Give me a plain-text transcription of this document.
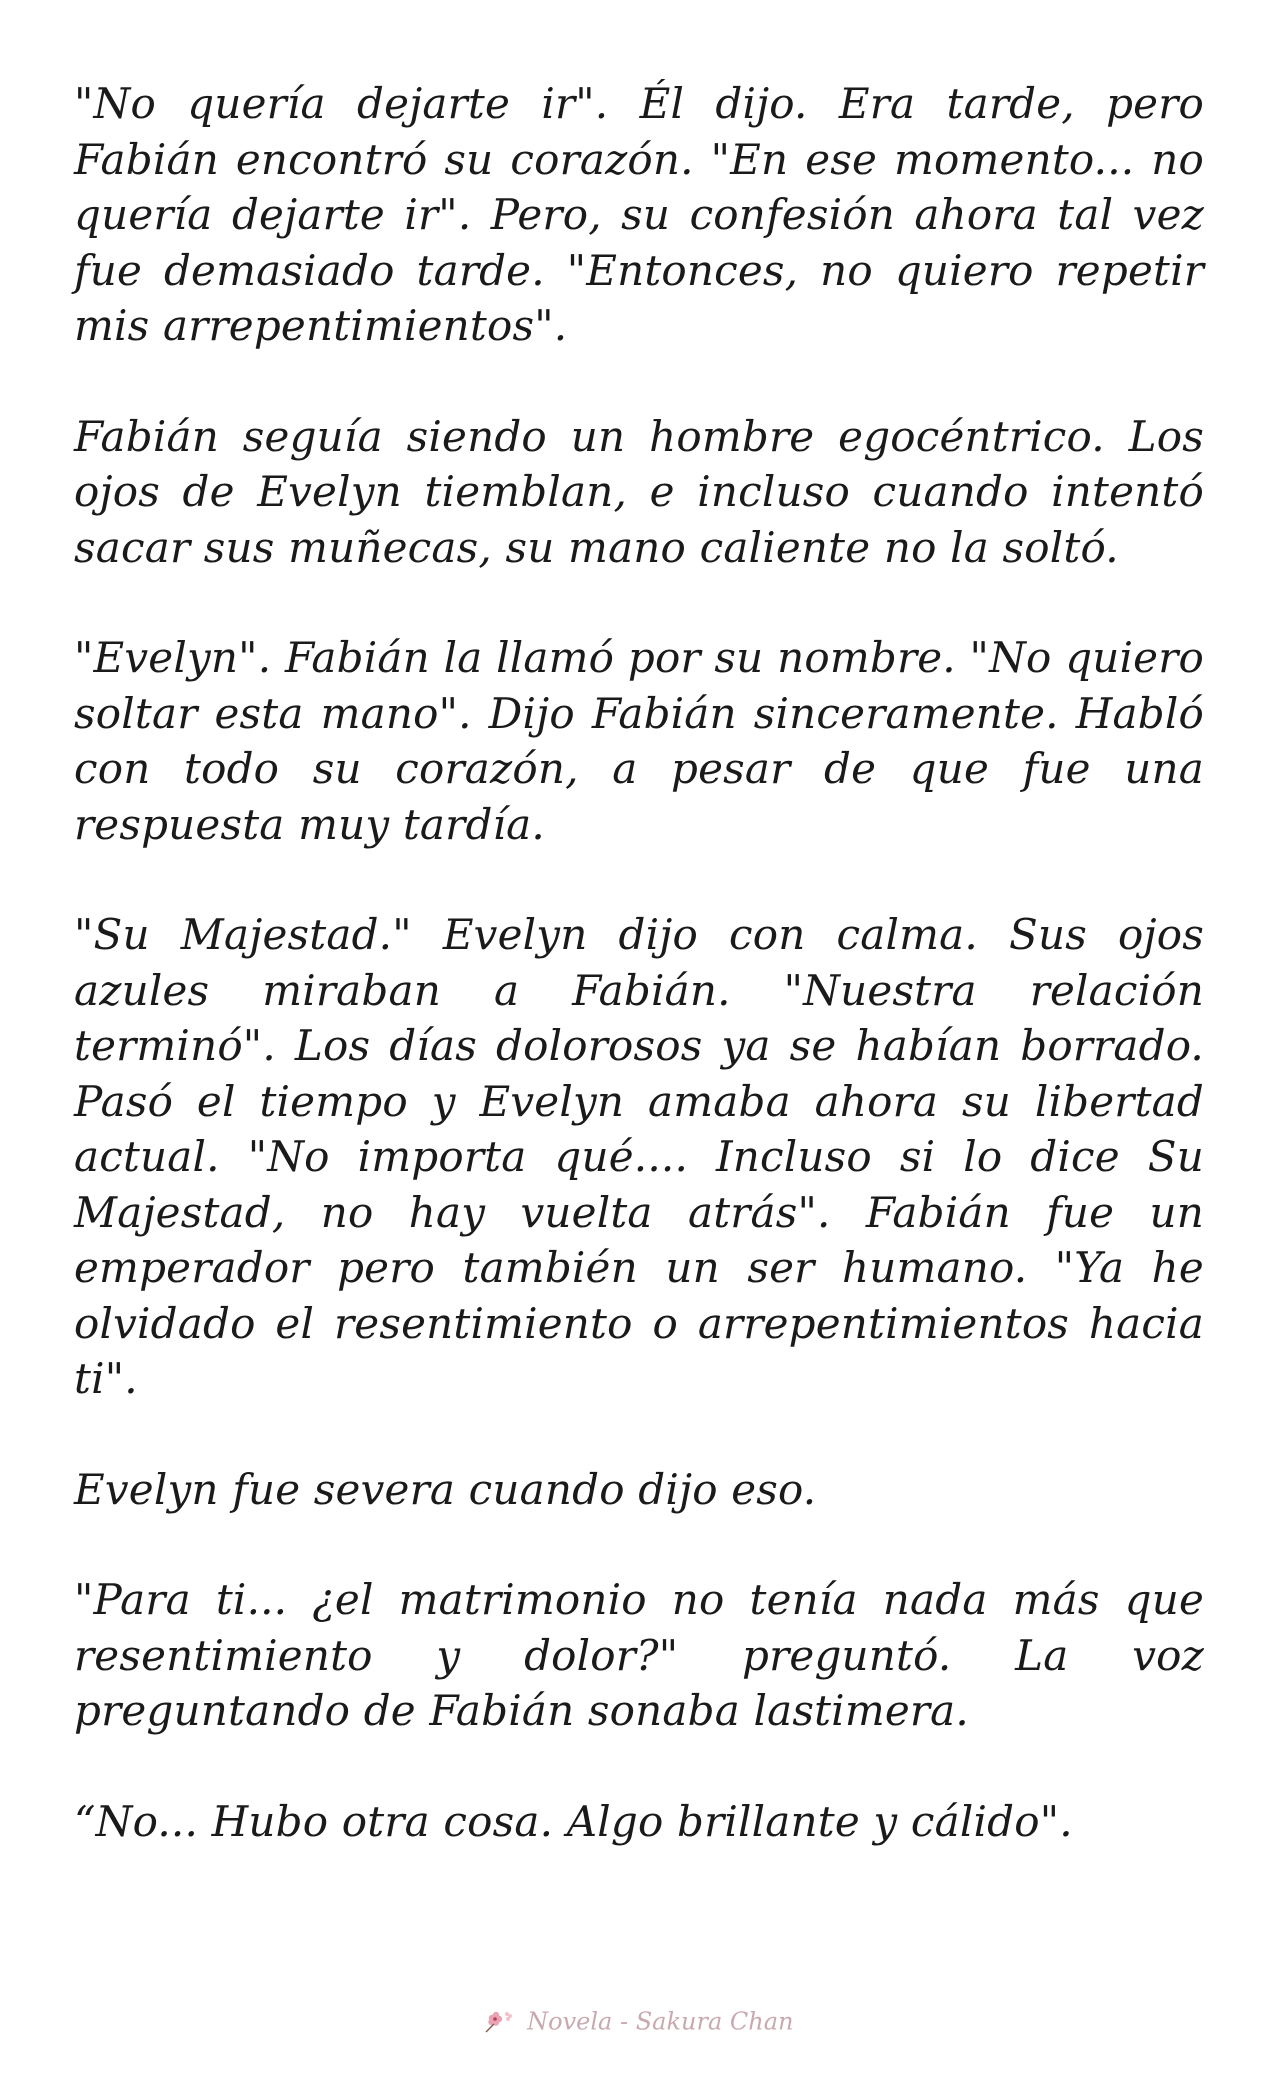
"No quería dejarte ir". Él dijo. Era tarde, pero Fabián encontró su corazón. "En ese momento... no quería dejarte ir". Pero, su confesión ahora tal vez fue demasiado tarde. "Entonces, no quiero repetir mis arrepentimientos".

Fabián seguía siendo un hombre egocéntrico. Los ojos de Evelyn tiemblan, e incluso cuando intentó sacar sus muñecas, su mano caliente no la soltó.

"Evelyn". Fabián la llamó por su nombre. "No quiero soltar esta mano". Dijo Fabián sinceramente. Habló con todo su corazón, a pesar de que fue una respuesta muy tardía.

"Su Majestad." Evelyn dijo con calma. Sus ojos azules miraban a Fabián. "Nuestra relación terminó". Los días dolorosos ya se habían borrado. Pasó el tiempo y Evelyn amaba ahora su libertad actual. "No importa qué.... Incluso si lo dice Su Majestad, no hay vuelta atrás". Fabián fue un emperador pero también un ser humano. "Ya he olvidado el resentimiento o arrepentimientos hacia ti".

Evelyn fue severa cuando dijo eso.

"Para ti... ¿el matrimonio no tenía nada más que resentimiento y dolor?" preguntó. La voz preguntando de Fabián sonaba lastimera.

“No... Hubo otra cosa. Algo brillante y cálido".

Novela - Sakura Chan
